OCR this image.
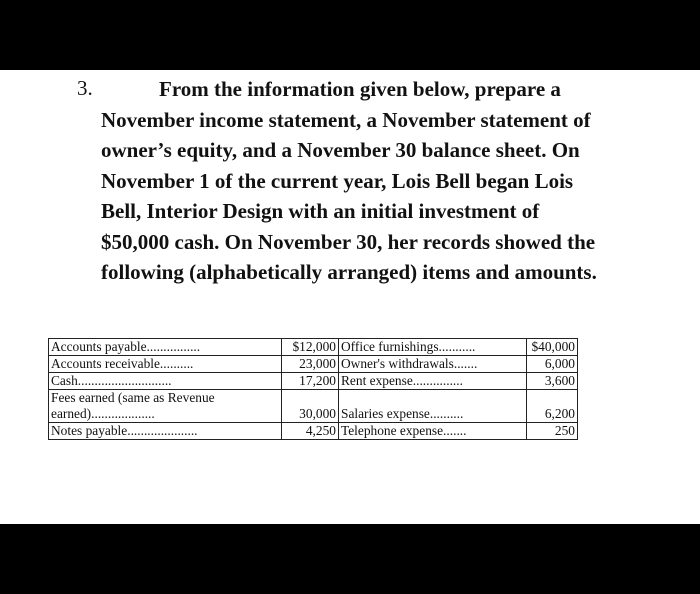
3.	From the information given below, prepare a
November income statement, a November statement of
owner’s equity, and a November 30 balance sheet. On
November 1 of the current year, Lois Bell began Lois
Bell, Interior Design with an initial investment of
$50,000 cash. On November 30, her records showed the
following (alphabetically arranged) items and amounts.

Accounts payable................	$12,000	Office furnishings...........	$40,000
Accounts receivable..........	23,000	Owner's withdrawals.......	6,000
Cash............................	17,200	Rent expense...............	3,600

Fees earned (same as Revenue
earned)...................	30,000	Salaries expense..........	6,200
Notes payable.....................	4,250	Telephone expense.......	250
